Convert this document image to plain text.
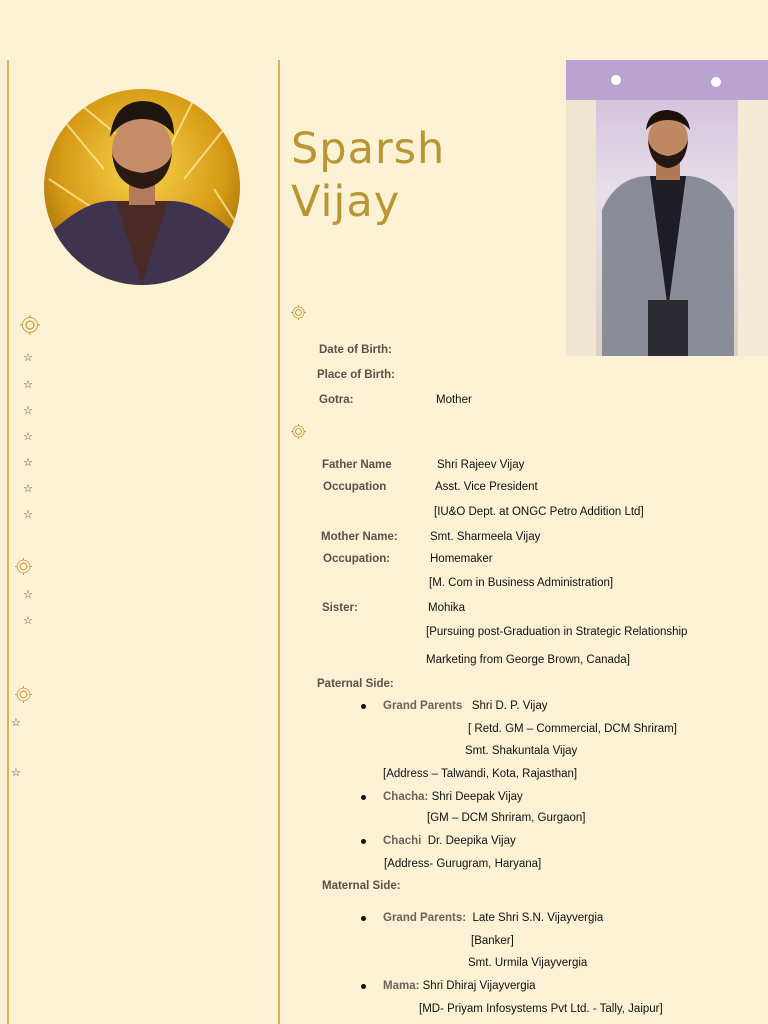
Sparsh
Vijay
☆
☆
☆
☆
☆
☆
☆
☆
☆
☆
☆
Date of Birth:
Place of Birth:
Gotra:	Mother
Father Name	Shri Rajeev Vijay
Occupation	Asst. Vice President
[IU&O Dept. at ONGC Petro Addition Ltd]
Mother Name:	Smt. Sharmeela Vijay
Occupation:	Homemaker
[M. Com in Business Administration]
Sister:	Mohika
[Pursuing post-Graduation in Strategic Relationship
Marketing from George Brown, Canada]
Paternal Side:
Grand Parents Shri D. P. Vijay
[ Retd. GM – Commercial, DCM Shriram]
Smt. Shakuntala Vijay
[Address – Talwandi, Kota, Rajasthan]
Chacha: Shri Deepak Vijay
[GM – DCM Shriram, Gurgaon]
Chachi Dr. Deepika Vijay
[Address- Gurugram, Haryana]
Maternal Side:
Grand Parents: Late Shri S.N. Vijayvergia
[Banker]
Smt. Urmila Vijayvergia
Mama: Shri Dhiraj Vijayvergia
[MD- Priyam Infosystems Pvt Ltd. - Tally, Jaipur]
